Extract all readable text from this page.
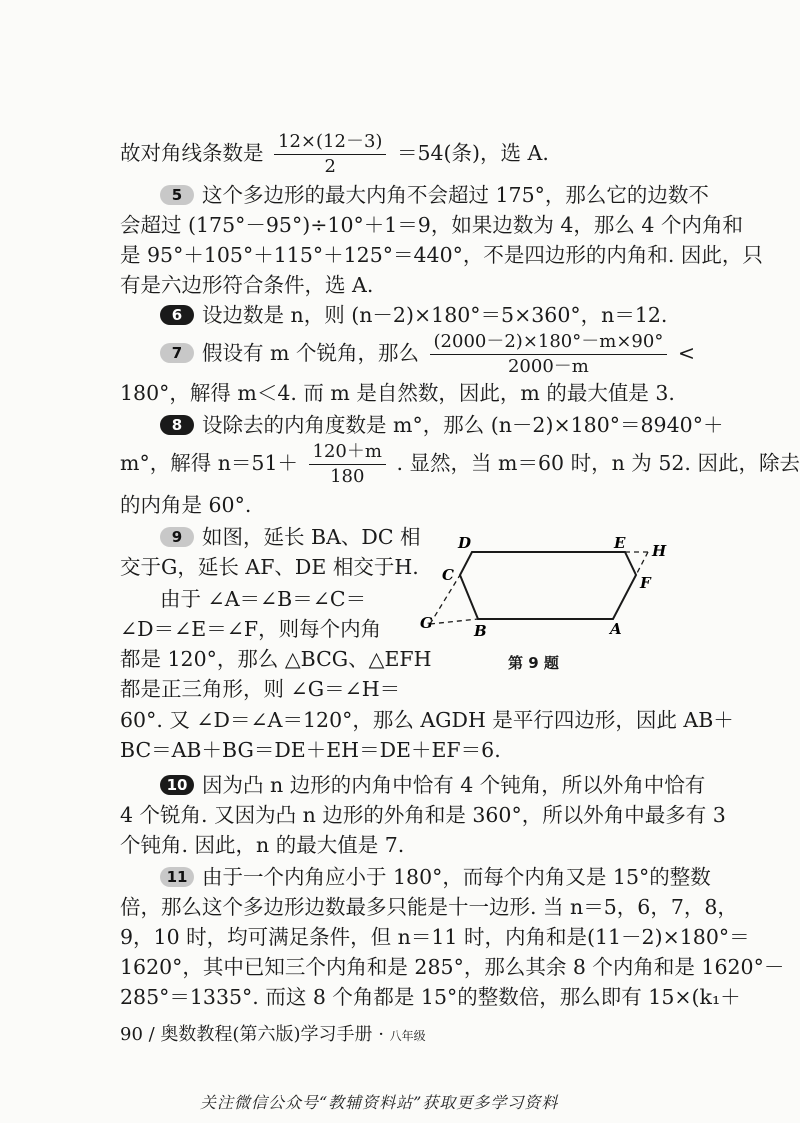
故对角线条数是 $\frac{12\times(12-3)}{2} =54$(条)，选 A.
5 这个多边形的最大内角不会超过 175°，那么它的边数不
会超过 (175°－95°)÷10°＋1＝9，如果边数为 4，那么 4 个内角和
是 95°＋105°＋115°＋125°＝440°，不是四边形的内角和. 因此，只
有是六边形符合条件，选 A.
6 设边数是 n，则 (n－2)×180°＝5×360°，n＝12.
7 假设有 m 个锐角，那么 $\frac{(2000-2)\times 180^\circ-m\times 90^\circ}{2000-m}$ <
180°，解得 m＜4. 而 m 是自然数，因此，m 的最大值是 3.
8 设除去的内角度数是 m°，那么 (n－2)×180°＝8940°＋
m°，解得 $n=51+ \frac{120+m}{180}$ . 显然，当 m＝60 时，n 为 52. 因此，除去
的内角是 60°.
9 如图，延长 BA、DC 相
交于G，延长 AF、DE 相交于H.
由于 ∠A＝∠B＝∠C＝
∠D＝∠E＝∠F，则每个内角
都是 120°，那么 △BCG、△EFH
都是正三角形，则 ∠G＝∠H＝
60°. 又 ∠D＝∠A＝120°，那么 AGDH 是平行四边形，因此 AB＋
BC＝AB＋BG＝DE＋EH＝DE＋EF＝6.
D	E H
C	F
G	B	A
第 9 题
10 因为凸 n 边形的内角中恰有 4 个钝角，所以外角中恰有
4 个锐角. 又因为凸 n 边形的外角和是 360°，所以外角中最多有 3
个钝角. 因此，n 的最大值是 7.
11 由于一个内角应小于 180°，而每个内角又是 15°的整数
倍，那么这个多边形边数最多只能是十一边形. 当 n＝5，6，7，8，
9，10 时，均可满足条件，但 n＝11 时，内角和是(11－2)×180°＝
1620°，其中已知三个内角和是 285°，那么其余 8 个内角和是 1620°－
285°＝1335°. 而这 8 个角都是 15°的整数倍，那么即有 15×(k₁＋
90 / 奥数教程(第六版)学习手册 · 八年级
关注微信公众号“教辅资料站”获取更多学习资料
